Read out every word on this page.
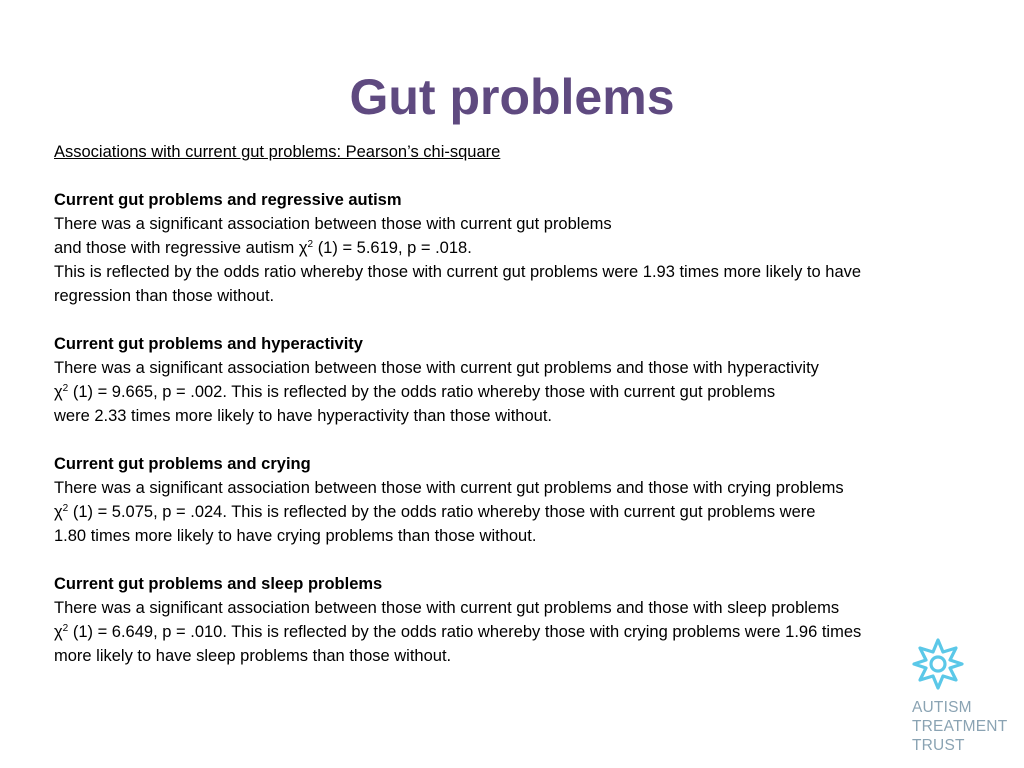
Gut problems

Associations with current gut problems: Pearson’s chi-square

Current gut problems and regressive autism

There was a significant association between those with current gut problems

and those with regressive autism $\chi^2$ (1) = 5.619, p = .018.

This is reflected by the odds ratio whereby those with current gut problems were 1.93 times more likely to have

regression than those without.

Current gut problems and hyperactivity

There was a significant association between those with current gut problems and those with hyperactivity

$\chi^2$ (1) = 9.665, p = .002. This is reflected by the odds ratio whereby those with current gut problems

were 2.33 times more likely to have hyperactivity than those without.

Current gut problems and crying

There was a significant association between those with current gut problems and those with crying problems

$\chi^2$ (1) = 5.075, p = .024. This is reflected by the odds ratio whereby those with current gut problems were

1.80 times more likely to have crying problems than those without.

Current gut problems and sleep problems

There was a significant association between those with current gut problems and those with sleep problems

$\chi^2$ (1) = 6.649, p = .010. This is reflected by the odds ratio whereby those with crying problems were 1.96 times

more likely to have sleep problems than those without.

AUTISM
TREATMENT
TRUST
